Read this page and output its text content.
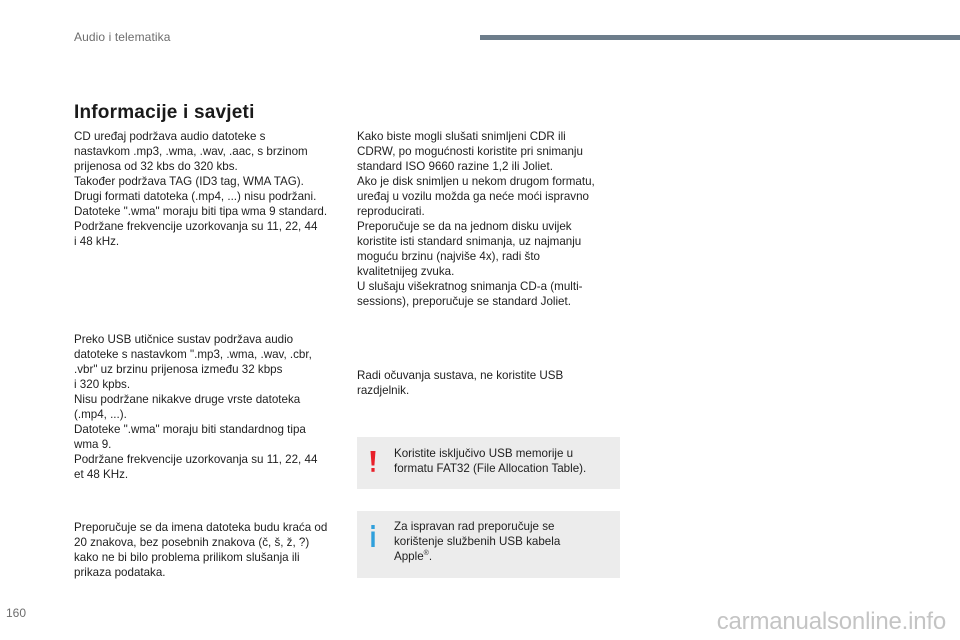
Audio i telematika
Informacije i savjeti
CD uređaj podržava audio datoteke s
nastavkom .mp3, .wma, .wav, .aac, s brzinom
prijenosa od 32 kbs do 320 kbs.
Također podržava TAG (ID3 tag, WMA TAG).
Drugi formati datoteka (.mp4, ...) nisu podržani.
Datoteke ".wma" moraju biti tipa wma 9 standard.
Podržane frekvencije uzorkovanja su 11, 22, 44
i 48 kHz.
Preko USB utičnice sustav podržava audio
datoteke s nastavkom ".mp3, .wma, .wav, .cbr,
.vbr" uz brzinu prijenosa između 32 kbps
i 320 kpbs.
Nisu podržane nikakve druge vrste datoteka
(.mp4, ...).
Datoteke ".wma" moraju biti standardnog tipa
wma 9.
Podržane frekvencije uzorkovanja su 11, 22, 44
et 48 KHz.
Preporučuje se da imena datoteka budu kraća od
20 znakova, bez posebnih znakova (č, š, ž, ?)
kako ne bi bilo problema prilikom slušanja ili
prikaza podataka.
Kako biste mogli slušati snimljeni CDR ili
CDRW, po mogućnosti koristite pri snimanju
standard ISO 9660 razine 1,2 ili Joliet.
Ako je disk snimljen u nekom drugom formatu,
uređaj u vozilu možda ga neće moći ispravno
reproducirati.
Preporučuje se da na jednom disku uvijek
koristite isti standard snimanja, uz najmanju
moguću brzinu (najviše 4x), radi što
kvalitetnijeg zvuka.
U slušaju višekratnog snimanja CD-a (multi-
sessions), preporučuje se standard Joliet.
Radi očuvanja sustava, ne koristite USB
razdjelnik.
Koristite isključivo USB memorije u
formatu FAT32 (File Allocation Table).
Za ispravan rad preporučuje se
korištenje službenih USB kabela
Apple®.
160	carmanualsonline.info
